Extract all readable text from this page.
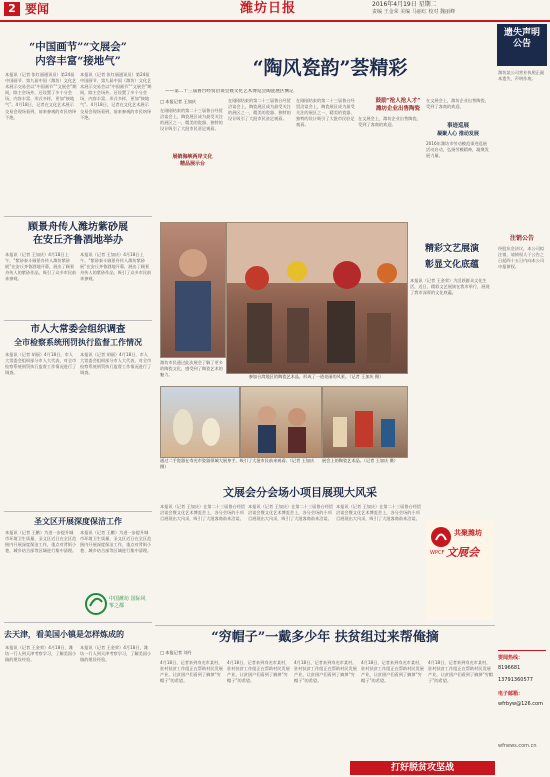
2 要闻	潍坊日报	2016年4月19日 星期二
责编 王金荣 美编 马丽红 校对 魏丽峰
“中国画节”“文展会”
内容丰富“接地气”
本报讯（记者 张红丽通讯员）第24届中国画节、第九届中国（潍坊）文化艺术展示交易会以“中国画节”“文展会”期间，除主会场外，还设置了多个分会场，内容丰富、形式多样，更加“接地气”。4月18日，记者在文化艺术展示交易会现场看到，前来参观的市民络绎不绝。
本报讯（记者 张红丽通讯员）第24届中国画节、第九届中国（潍坊）文化艺术展示交易会以“中国画节”“文展会”期间，除主会场外，还设置了多个分会场，内容丰富、形式多样，更加“接地气”。4月18日，记者在文化艺术展示交易会现场看到，前来参观的市民络绎不绝。
顾景舟传人潍坊紫砂展
在安丘齐鲁酒地举办
本报讯（记者 王加庆）4月18日上午，“紫砂泰斗顾景舟传人潍坊紫砂展”在安丘齐鲁酒地开幕，展出了顾景舟传人的紫砂作品，吸引了众多市民前来参观。
本报讯（记者 王加庆）4月18日上午，“紫砂泰斗顾景舟传人潍坊紫砂展”在安丘齐鲁酒地开幕，展出了顾景舟传人的紫砂作品，吸引了众多市民前来参观。
市人大常委会组织调查
全市检察系统刑罚执行监督工作情况
本报讯（记者 胡丽）4月18日，市人大常委会组织部分市人大代表，对全市检察系统刑罚执行监督工作情况进行了调查。
本报讯（记者 胡丽）4月18日，市人大常委会组织部分市人大代表，对全市检察系统刑罚执行监督工作情况进行了调查。
圣文区开展深度保洁工作
本报讯（记者 王鹏）为进一步提升城市环境卫生质量，圣文区近日在全区范围内开展深度保洁工作，重点对背街小巷、城乡结合部等区域进行集中清理。
本报讯（记者 王鹏）为进一步提升城市环境卫生质量，圣文区近日在全区范围内开展深度保洁工作，重点对背街小巷、城乡结合部等区域进行集中清理。
中国潍坊 国际风筝之都
去天津，看美国小镇是怎样炼成的
本报讯（记者 王金荣）4月18日，潍坊一行人到天津考察学习，了解美国小镇的建设经验。
本报讯（记者 王金荣）4月18日，潍坊一行人到天津考察学习，了解美国小镇的建设经验。
“陶风瓷韵”荟精彩
——第二十三届鲁台经贸洽谈会暨文化艺术博览会陶瓷展区侧记
□ 本报记者 王加庆
在刚刚结束的第二十三届鲁台经贸洽谈会上，陶瓷展区成为最受关注的展区之一，精美的瓷器、独特的设计吸引了大批市民驻足观看。
在刚刚结束的第二十三届鲁台经贸洽谈会上，陶瓷展区成为最受关注的展区之一，精美的瓷器、独特的设计吸引了大批市民驻足观看。
在刚刚结束的第二十三届鲁台经贸洽谈会上，陶瓷展区成为最受关注的展区之一，精美的瓷器、独特的设计吸引了大批市民驻足观看。
展销海峡两岸文化
精品展示台
参加台湾地区的陶瓷艺术品，形成了一道亮丽的风景。（记者 王加庆 摄）
潍坊市民通过此次展会了解了更多的陶瓷文化，感受到了陶瓷艺术的魅力。
通过二手瓷器在寿光市瓷器领域大展身手，吸引了大批市民前来观看。（记者 王加庆 摄）
展会上的陶瓷艺术品。（记者 王加庆 摄）
鼓励“抢人抢人才”
潍坊企业出售陶瓷
在文展会上，潍坊企业出售陶瓷，受到了客商的欢迎。
在文展会上，潍坊企业出售陶瓷，受到了客商的欢迎。
事迹巡展
凝聚人心 推动发展
2016年潍坊市劳动模范事迹巡展活动启动，弘扬劳模精神，凝聚发展力量。
精彩文艺展演
彰显文化底蕴
本报讯（记者 王金荣）为活跃群众文化生活，近日，精彩文艺展演在我市举行，展现了我市深厚的文化底蕴。
遗失声明 公告
潍坊某公司营业执照正副本遗失，声明作废。
注销公告
经股东会决议，本公司拟注销，请债权人于公告之日起四十五日内向本公司申报债权。
要闻热线：
8196681
13791360577
电子邮箱：
wfrbyw@126.com
wfnews.com.cn
文展会分会场小项目展现大风采
本报讯（记者 王加庆）在第二十三届鲁台经贸洽谈会暨文化艺术博览会上，各分会场的小项目展现出大风采，吸引了大批客商前来洽谈。
本报讯（记者 王加庆）在第二十三届鲁台经贸洽谈会暨文化艺术博览会上，各分会场的小项目展现出大风采，吸引了大批客商前来洽谈。
本报讯（记者 王加庆）在第二十三届鲁台经贸洽谈会暨文化艺术博览会上，各分会场的小项目展现出大风采，吸引了大批客商前来洽谈。
WPCF
共聚潍坊
文展会
“穷帽子”一戴多少年 扶贫组过来帮俺摘
□ 本报记者 刘丹
4月18日，记者来到寿光市某村，驻村扶贫工作组正在帮助村民发展产业，让贫困户们看到了摘掉“穷帽子”的希望。
4月18日，记者来到寿光市某村，驻村扶贫工作组正在帮助村民发展产业，让贫困户们看到了摘掉“穷帽子”的希望。
4月18日，记者来到寿光市某村，驻村扶贫工作组正在帮助村民发展产业，让贫困户们看到了摘掉“穷帽子”的希望。
4月18日，记者来到寿光市某村，驻村扶贫工作组正在帮助村民发展产业，让贫困户们看到了摘掉“穷帽子”的希望。
4月18日，记者来到寿光市某村，驻村扶贫工作组正在帮助村民发展产业，让贫困户们看到了摘掉“穷帽子”的希望。
打好脱贫攻坚战
